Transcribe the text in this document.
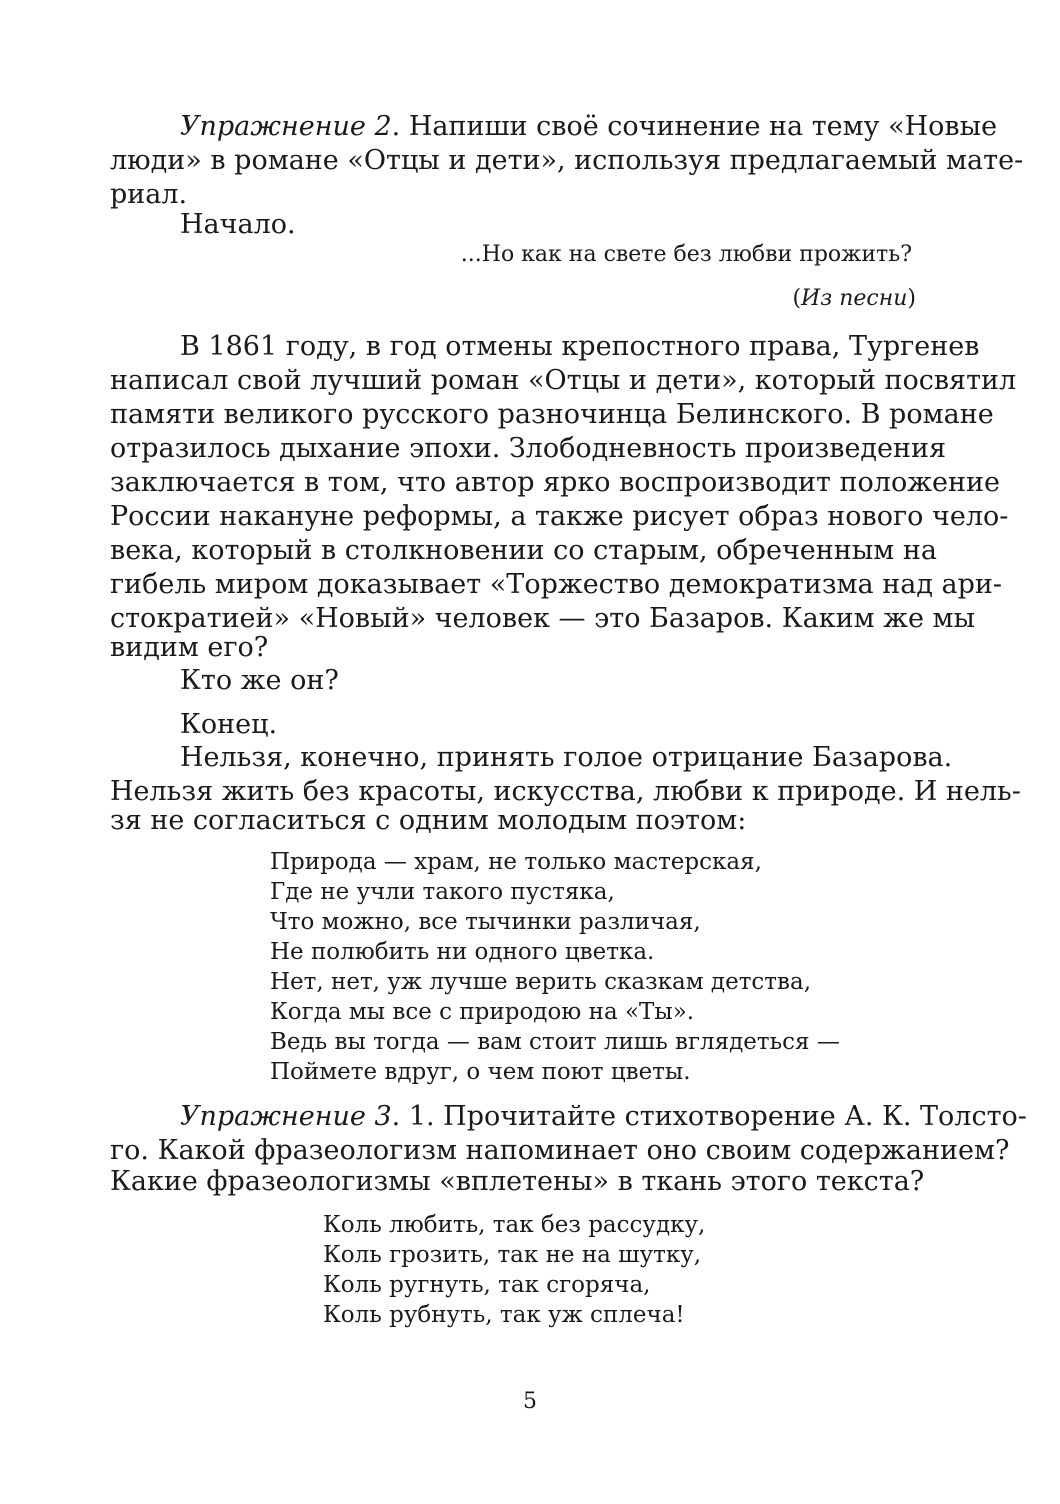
Упражнение 2. Напиши своё сочинение на тему «Новые
люди» в романе «Отцы и дети», используя предлагаемый мате-
риал.
Начало.
...Но как на свете без любви прожить?
(Из песни)
В 1861 году, в год отмены крепостного права, Тургенев
написал свой лучший роман «Отцы и дети», который посвятил
памяти великого русского разночинца Белинского. В романе
отразилось дыхание эпохи. Злободневность произведения
заключается в том, что автор ярко воспроизводит положение
России накануне реформы, а также рисует образ нового чело-
века, который в столкновении со старым, обреченным на
гибель миром доказывает «Торжество демократизма над ари-
стократией» «Новый» человек — это Базаров. Каким же мы
видим его?
Кто же он?
Конец.
Нельзя, конечно, принять голое отрицание Базарова.
Нельзя жить без красоты, искусства, любви к природе. И нель-
зя не согласиться с одним молодым поэтом:
Природа — храм, не только мастерская,
Где не учли такого пустяка,
Что можно, все тычинки различая,
Не полюбить ни одного цветка.
Нет, нет, уж лучше верить сказкам детства,
Когда мы все с природою на «Ты».
Ведь вы тогда — вам стоит лишь вглядеться —
Поймете вдруг, о чем поют цветы.
Упражнение 3. 1. Прочитайте стихотворение А. К. Толсто-
го. Какой фразеологизм напоминает оно своим содержанием?
Какие фразеологизмы «вплетены» в ткань этого текста?
Коль любить, так без рассудку,
Коль грозить, так не на шутку,
Коль ругнуть, так сгоряча,
Коль рубнуть, так уж сплеча!
5
